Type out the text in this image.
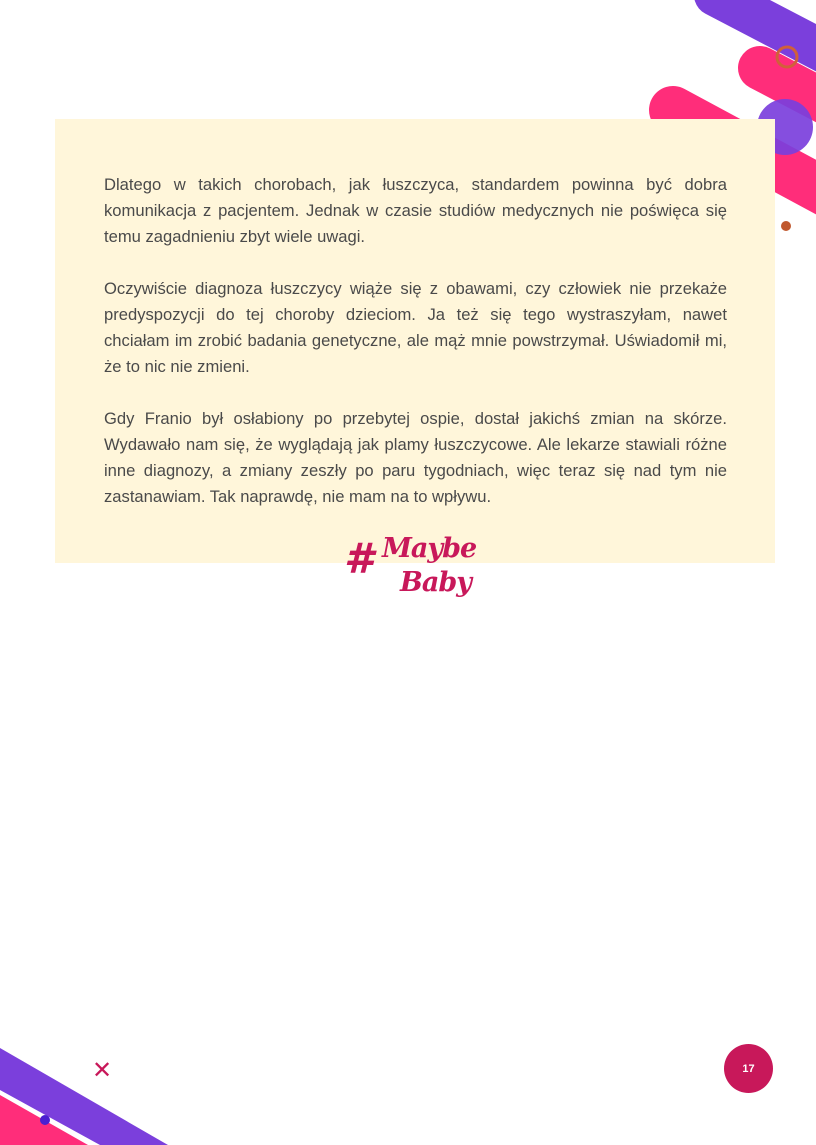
Dlatego w takich chorobach, jak łuszczyca, standardem powinna być dobra komunikacja z pacjentem. Jednak w czasie studiów medycznych nie poświęca się temu zagadnieniu zbyt wiele uwagi.

Oczywiście diagnoza łuszczycy wiąże się z obawami, czy człowiek nie przekaże predyspozycji do tej choroby dzieciom. Ja też się tego wystraszyłam, nawet chciałam im zrobić badania genetyczne, ale mąż mnie powstrzymał. Uświadomił mi, że to nic nie zmieni.

Gdy Franio był osłabiony po przebytej ospie, dostał jakichś zmian na skórze. Wydawało nam się, że wyglądają jak plamy łuszczycowe. Ale lekarze stawiali różne inne diagnozy, a zmiany zeszły po paru tygodniach, więc teraz się nad tym nie zastanawiam. Tak naprawdę, nie mam na to wpływu.

# Maybe
Baby
✕	17
